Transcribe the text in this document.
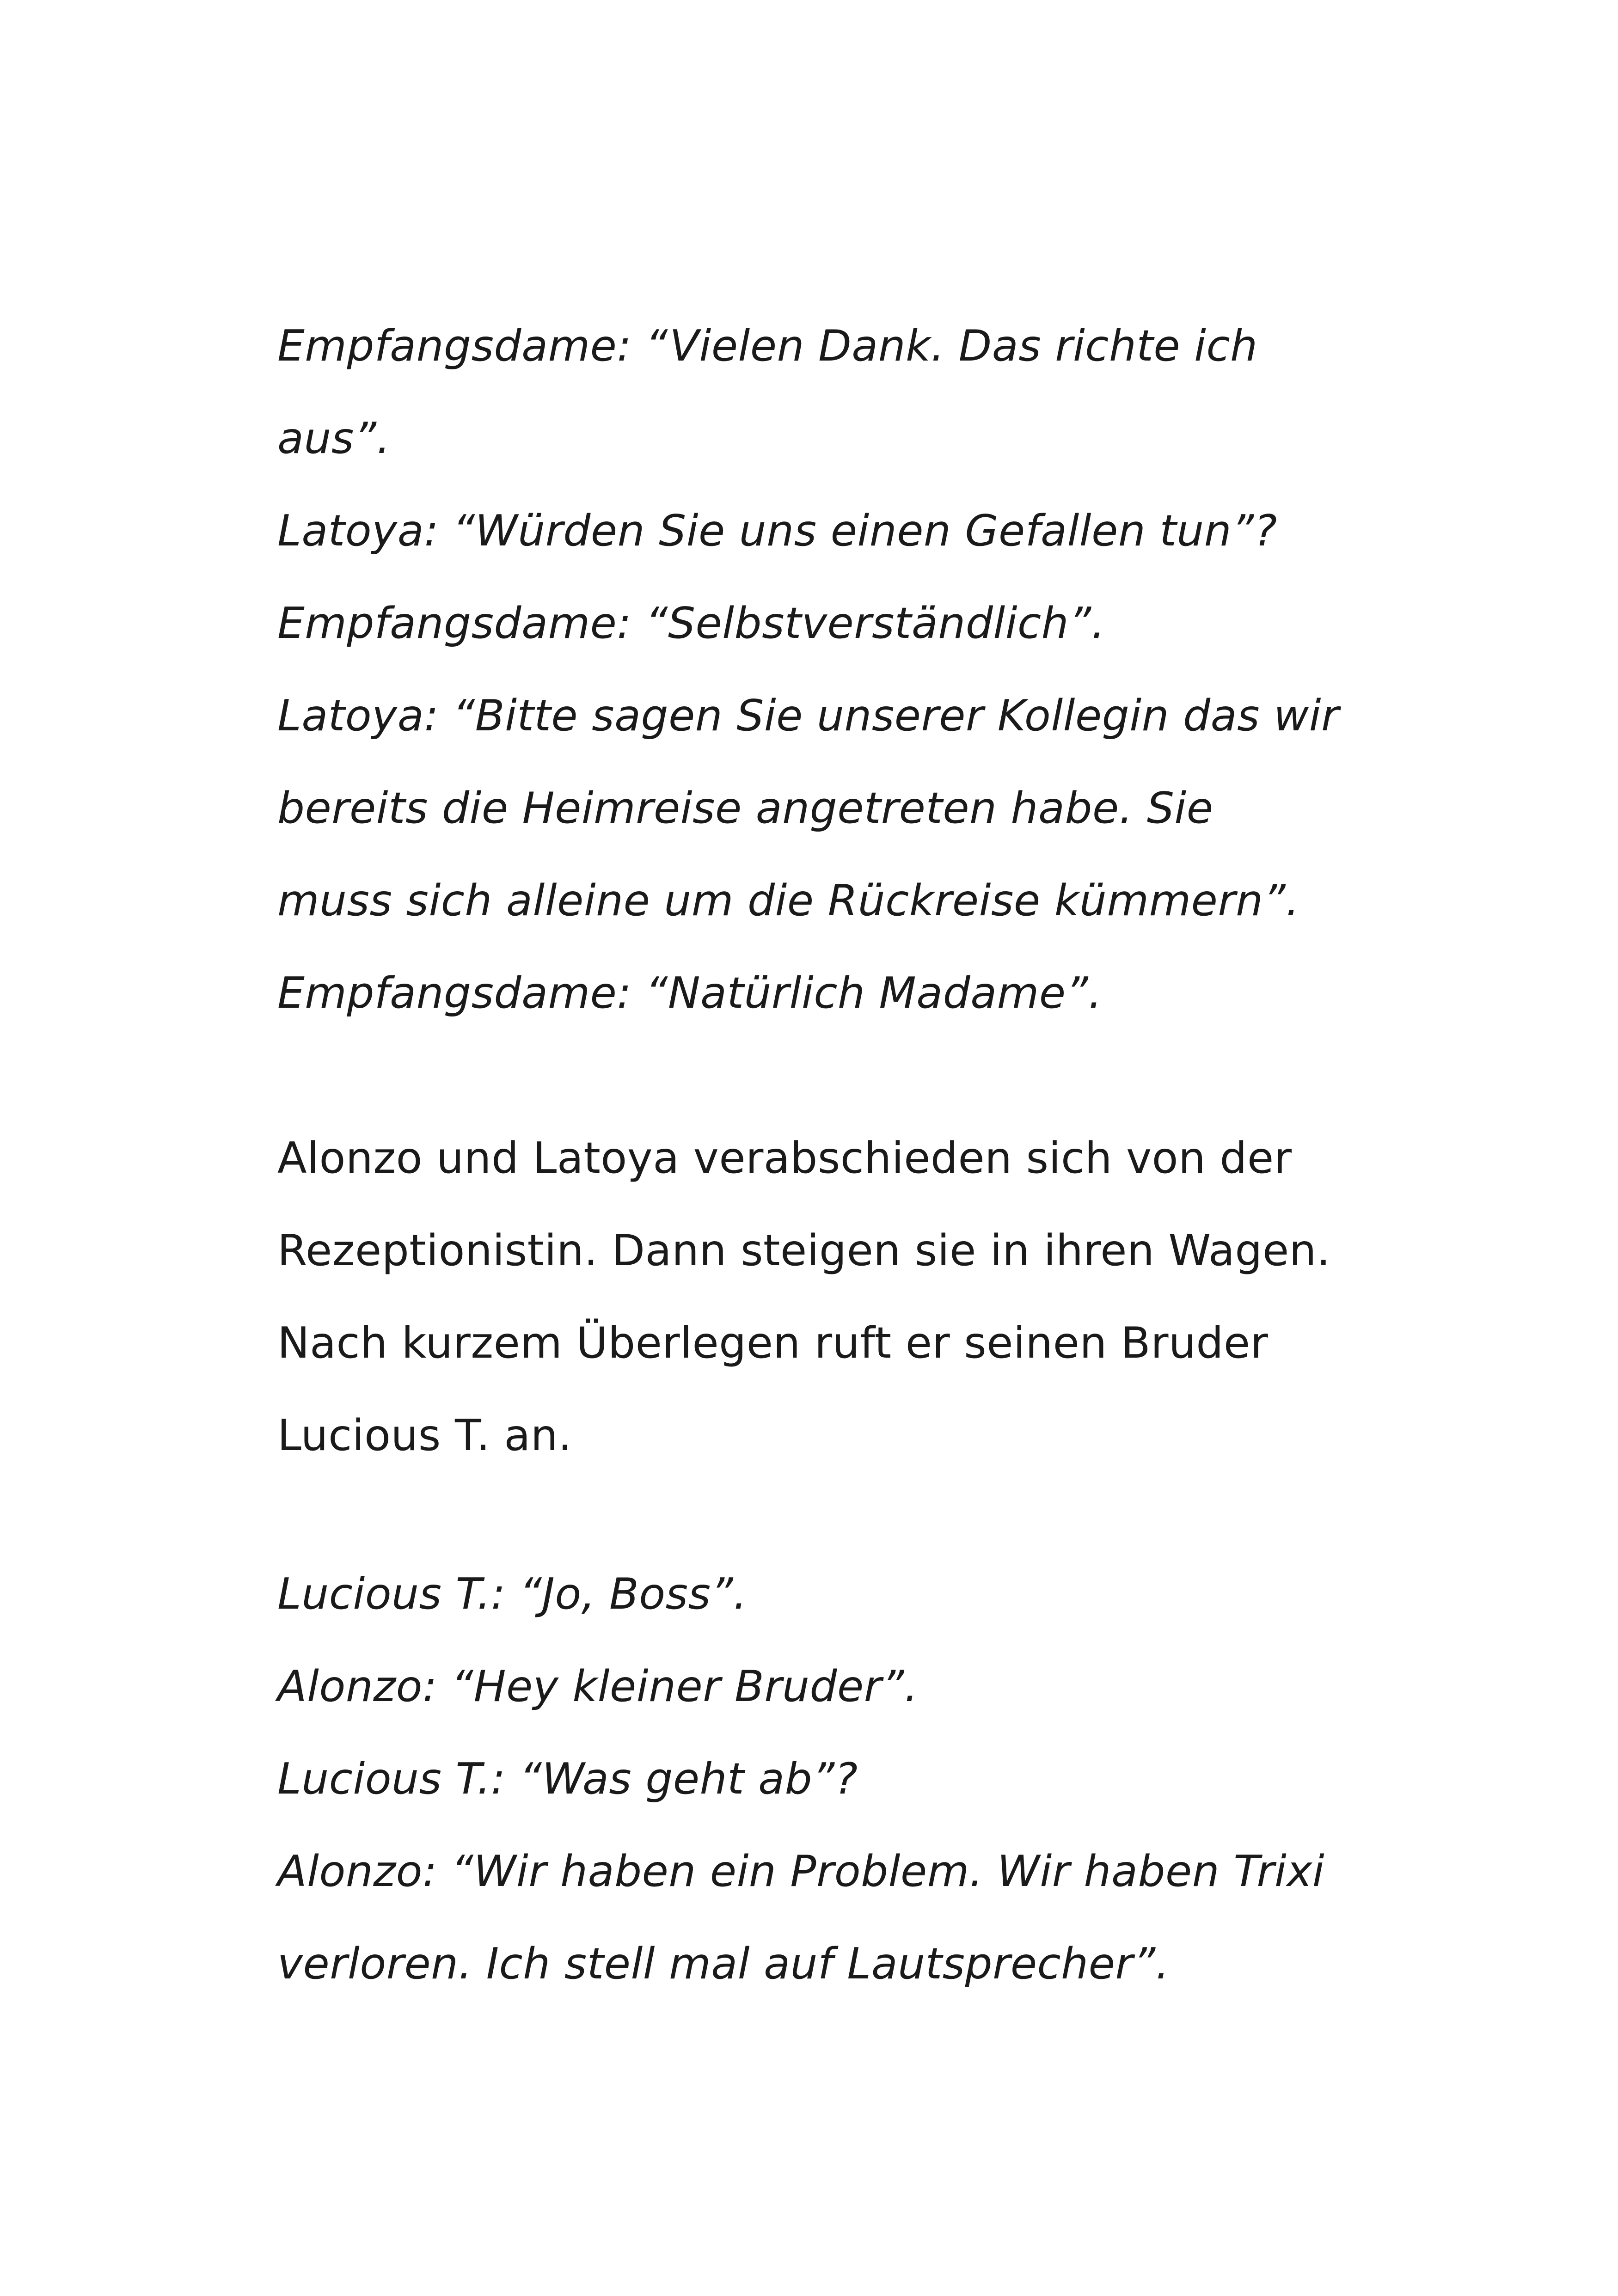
Empfangsdame: “Vielen Dank. Das richte ich
aus”.
Latoya: “Würden Sie uns einen Gefallen tun”?
Empfangsdame: “Selbstverständlich”.
Latoya: “Bitte sagen Sie unserer Kollegin das wir
bereits die Heimreise angetreten habe. Sie
muss sich alleine um die Rückreise kümmern”.
Empfangsdame: “Natürlich Madame”.
Alonzo und Latoya verabschieden sich von der
Rezeptionistin. Dann steigen sie in ihren Wagen.
Nach kurzem Überlegen ruft er seinen Bruder
Lucious T. an.
Lucious T.: “Jo, Boss”.
Alonzo: “Hey kleiner Bruder”.
Lucious T.: “Was geht ab”?
Alonzo: “Wir haben ein Problem. Wir haben Trixi
verloren. Ich stell mal auf Lautsprecher”.
